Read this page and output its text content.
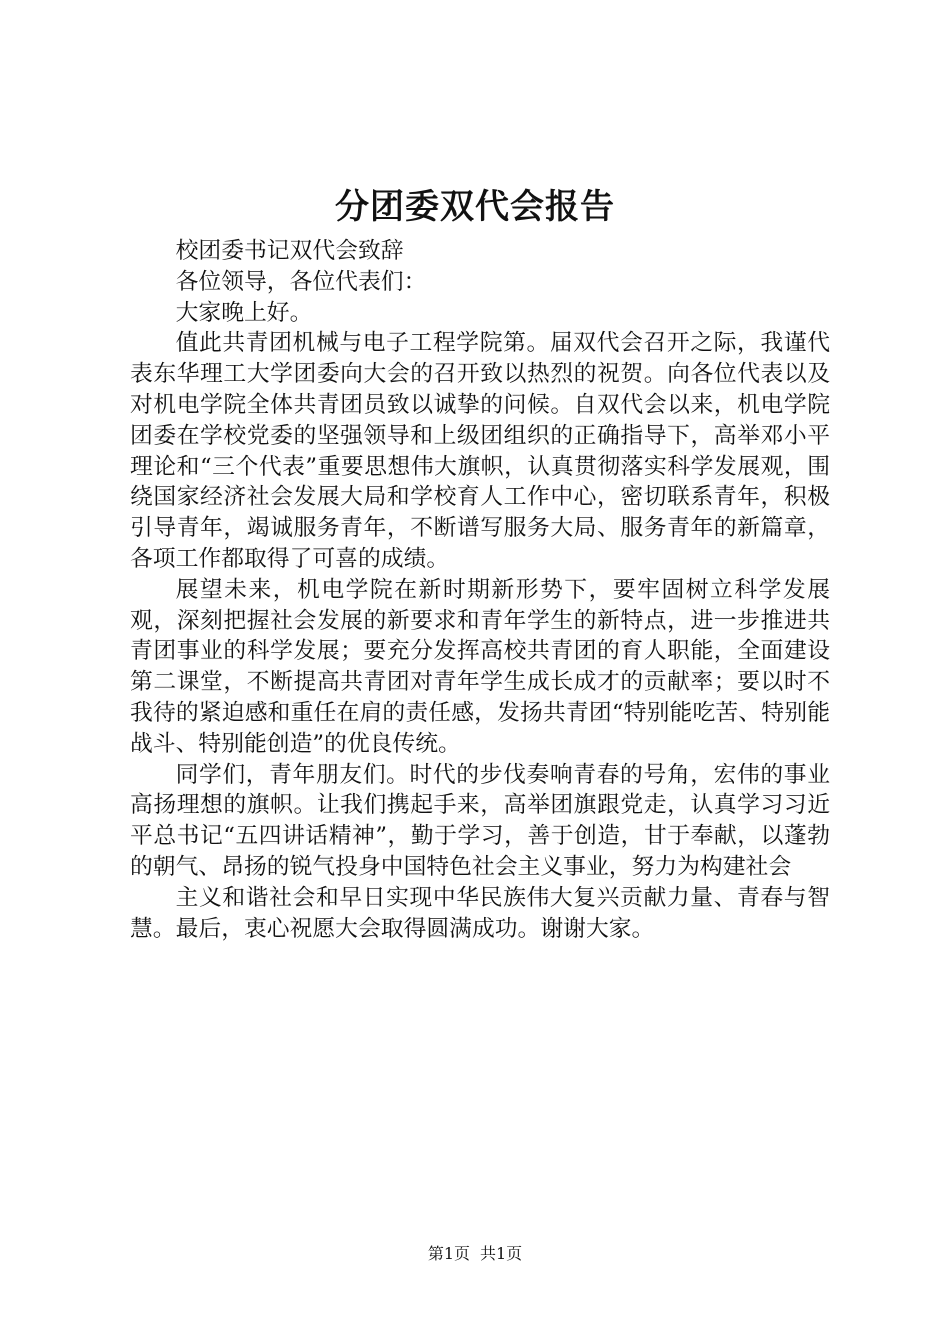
分团委双代会报告

校团委书记双代会致辞

各位领导，各位代表们：

大家晚上好。

值此共青团机械与电子工程学院第。届双代会召开之际，我谨代表东华理工大学团委向大会的召开致以热烈的祝贺。向各位代表以及对机电学院全体共青团员致以诚挚的问候。自双代会以来，机电学院团委在学校党委的坚强领导和上级团组织的正确指导下，高举邓小平理论和“三个代表”重要思想伟大旗帜，认真贯彻落实科学发展观，围绕国家经济社会发展大局和学校育人工作中心，密切联系青年，积极引导青年，竭诚服务青年，不断谱写服务大局、服务青年的新篇章，各项工作都取得了可喜的成绩。

展望未来，机电学院在新时期新形势下，要牢固树立科学发展观，深刻把握社会发展的新要求和青年学生的新特点，进一步推进共青团事业的科学发展；要充分发挥高校共青团的育人职能，全面建设第二课堂，不断提高共青团对青年学生成长成才的贡献率；要以时不我待的紧迫感和重任在肩的责任感，发扬共青团“特别能吃苦、特别能战斗、特别能创造”的优良传统。

同学们，青年朋友们。时代的步伐奏响青春的号角，宏伟的事业高扬理想的旗帜。让我们携起手来，高举团旗跟党走，认真学习习近平总书记“五四讲话精神”，勤于学习，善于创造，甘于奉献，以蓬勃的朝气、昂扬的锐气投身中国特色社会主义事业，努力为构建社会

主义和谐社会和早日实现中华民族伟大复兴贡献力量、青春与智慧。最后，衷心祝愿大会取得圆满成功。谢谢大家。

第1页 共1页
